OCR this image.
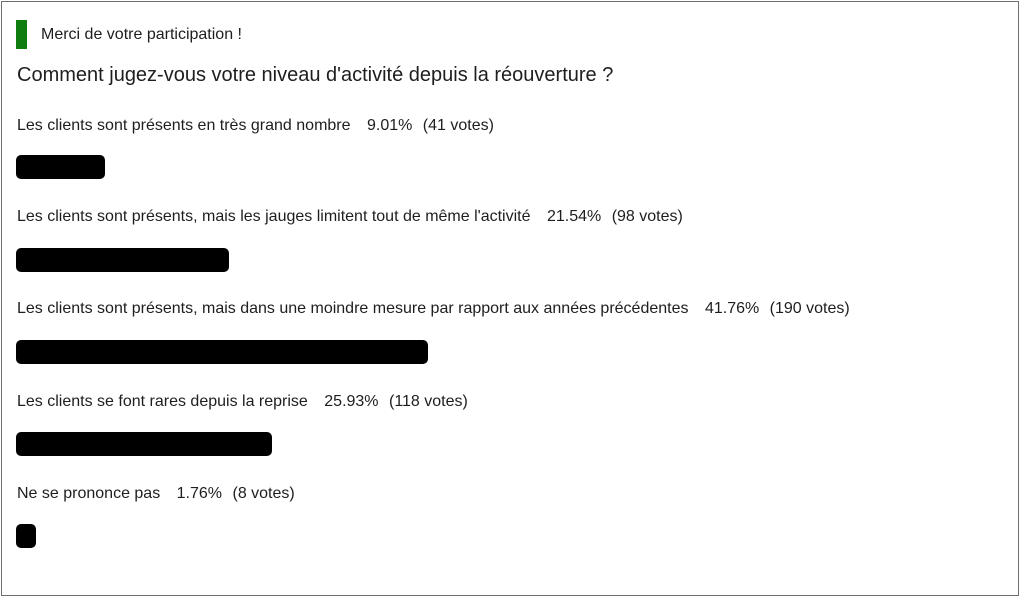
Merci de votre participation !
Comment jugez-vous votre niveau d'activité depuis la réouverture ?
Les clients sont présents en très grand nombre 9.01% (41 votes)
Les clients sont présents, mais les jauges limitent tout de même l'activité 21.54% (98 votes)
Les clients sont présents, mais dans une moindre mesure par rapport aux années précédentes 41.76% (190 votes)
Les clients se font rares depuis la reprise 25.93% (118 votes)
Ne se prononce pas 1.76% (8 votes)
